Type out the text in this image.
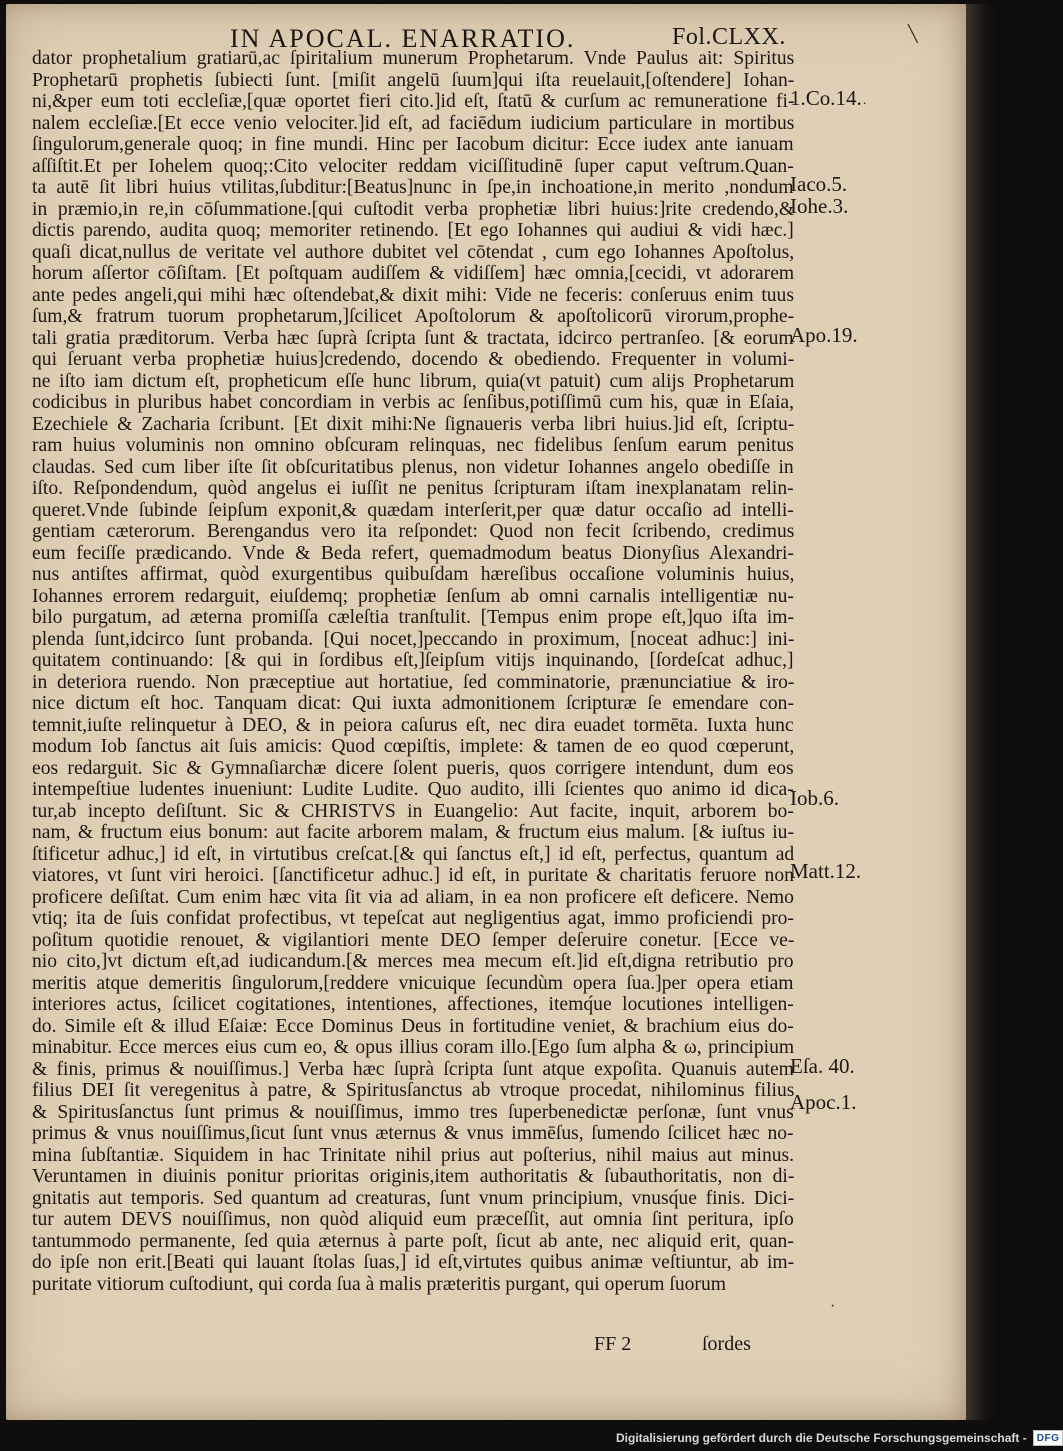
IN APOCAL. ENARRATIO.	Fol.CLXX.
dator prophetalium gratiarū,ac ſpiritalium munerum Prophetarum. Vnde Paulus ait: Spiritus
Prophetarū prophetis ſubiecti ſunt. [miſit angelū ſuum]qui iſta reuelauit,[oſtendere] Iohan-
ni,&per eum toti eccleſiæ,[quæ oportet fieri cito.]id eſt, ſtatū & curſum ac remuneratione fi-
nalem eccleſiæ.[Et ecce venio velociter.]id eſt, ad faciēdum iudicium particulare in mortibus
ſingulorum,generale quoq; in fine mundi. Hinc per Iacobum dicitur: Ecce iudex ante ianuam
aſſiſtit.Et per Iohelem quoq;:Cito velociter reddam viciſſitudinē ſuper caput veſtrum.Quan-
ta autē ſit libri huius vtilitas,ſubditur:[Beatus]nunc in ſpe,in inchoatione,in merito ,nondum
in præmio,in re,in cōſummatione.[qui cuſtodit verba prophetiæ libri huius:]rite credendo,&
dictis parendo, audita quoq; memoriter retinendo. [Et ego Iohannes qui audiui & vidi hæc.]
quaſi dicat,nullus de veritate vel authore dubitet vel cōtendat , cum ego Iohannes Apoſtolus,
horum aſſertor cōſiſtam. [Et poſtquam audiſſem & vidiſſem] hæc omnia,[cecidi, vt adorarem
ante pedes angeli,qui mihi hæc oſtendebat,& dixit mihi: Vide ne feceris: conſeruus enim tuus
ſum,& fratrum tuorum prophetarum,]ſcilicet Apoſtolorum & apoſtolicorū virorum,prophe-
tali gratia præditorum. Verba hæc ſuprà ſcripta ſunt & tractata, idcirco pertranſeo. [& eorum
qui ſeruant verba prophetiæ huius]credendo, docendo & obediendo. Frequenter in volumi-
ne iſto iam dictum eſt, propheticum eſſe hunc librum, quia(vt patuit) cum alijs Prophetarum
codicibus in pluribus habet concordiam in verbis ac ſenſibus,potiſſimū cum his, quæ in Eſaia,
Ezechiele & Zacharia ſcribunt. [Et dixit mihi:Ne ſignaueris verba libri huius.]id eſt, ſcriptu-
ram huius voluminis non omnino obſcuram relinquas, nec fidelibus ſenſum earum penitus
claudas. Sed cum liber iſte ſit obſcuritatibus plenus, non videtur Iohannes angelo obediſſe in
iſto. Reſpondendum, quòd angelus ei iuſſit ne penitus ſcripturam iſtam inexplanatam relin-
queret.Vnde ſubinde ſeipſum exponit,& quædam interſerit,per quæ datur occaſio ad intelli-
gentiam cæterorum. Berengandus vero ita reſpondet: Quod non fecit ſcribendo, credimus
eum feciſſe prædicando. Vnde & Beda refert, quemadmodum beatus Dionyſius Alexandri-
nus antiſtes affirmat, quòd exurgentibus quibuſdam hæreſibus occaſione voluminis huius,
Iohannes errorem redarguit, eiuſdemq; prophetiæ ſenſum ab omni carnalis intelligentiæ nu-
bilo purgatum, ad æterna promiſſa cæleſtia tranſtulit. [Tempus enim prope eſt,]quo iſta im-
plenda ſunt,idcirco ſunt probanda. [Qui nocet,]peccando in proximum, [noceat adhuc:] ini-
quitatem continuando: [& qui in ſordibus eſt,]ſeipſum vitijs inquinando, [ſordeſcat adhuc,]
in deteriora ruendo. Non præceptiue aut hortatiue, ſed comminatorie, prænunciatiue & iro-
nice dictum eſt hoc. Tanquam dicat: Qui iuxta admonitionem ſcripturæ ſe emendare con-
temnit,iuſte relinquetur à DEO, & in peiora caſurus eſt, nec dira euadet tormēta. Iuxta hunc
modum Iob ſanctus ait ſuis amicis: Quod cœpiſtis, implete: & tamen de eo quod cœperunt,
eos redarguit. Sic & Gymnaſiarchæ dicere ſolent pueris, quos corrigere intendunt, dum eos
intempeſtiue ludentes inueniunt: Ludite Ludite. Quo audito, illi ſcientes quo animo id dica-
tur,ab incepto deſiſtunt. Sic & CHRISTVS in Euangelio: Aut facite, inquit, arborem bo-
nam, & fructum eius bonum: aut facite arborem malam, & fructum eius malum. [& iuſtus iu-
ſtificetur adhuc,] id eſt, in virtutibus creſcat.[& qui ſanctus eſt,] id eſt, perfectus, quantum ad
viatores, vt ſunt viri heroici. [ſanctificetur adhuc.] id eſt, in puritate & charitatis feruore non
proficere deſiſtat. Cum enim hæc vita ſit via ad aliam, in ea non proficere eſt deficere. Nemo
vtiq; ita de ſuis confidat profectibus, vt tepeſcat aut negligentius agat, immo proficiendi pro-
poſitum quotidie renouet, & vigilantiori mente DEO ſemper deſeruire conetur. [Ecce ve-
nio cito,]vt dictum eſt,ad iudicandum.[& merces mea mecum eſt.]id eſt,digna retributio pro
meritis atque demeritis ſingulorum,[reddere vnicuique ſecundùm opera ſua.]per opera etiam
interiores actus, ſcilicet cogitationes, intentiones, affectiones, itemq́ue locutiones intelligen-
do. Simile eſt & illud Eſaiæ: Ecce Dominus Deus in fortitudine veniet, & brachium eius do-
minabitur. Ecce merces eius cum eo, & opus illius coram illo.[Ego ſum alpha & ω, principium
& finis, primus & nouiſſimus.] Verba hæc ſuprà ſcripta ſunt atque expoſita. Quanuis autem
filius DEI ſit veregenitus à patre, & Spiritusſanctus ab vtroque procedat, nihilominus filius
& Spiritusſanctus ſunt primus & nouiſſimus, immo tres ſuperbenedictæ perſonæ, ſunt vnus
primus & vnus nouiſſimus,ſicut ſunt vnus æternus & vnus immēſus, ſumendo ſcilicet hæc no-
mina ſubſtantiæ. Siquidem in hac Trinitate nihil prius aut poſterius, nihil maius aut minus.
Veruntamen in diuinis ponitur prioritas originis,item authoritatis & ſubauthoritatis, non di-
gnitatis aut temporis. Sed quantum ad creaturas, ſunt vnum principium, vnusq́ue finis. Dici-
tur autem DEVS nouiſſimus, non quòd aliquid eum præceſſit, aut omnia ſint peritura, ipſo
tantummodo permanente, ſed quia æternus à parte poſt, ſicut ab ante, nec aliquid erit, quan-
do ipſe non erit.[Beati qui lauant ſtolas ſuas,] id eſt,virtutes quibus animæ veſtiuntur, ab im-
puritate vitiorum cuſtodiunt, qui corda ſua à malis præteritis purgant, qui operum ſuorum
1.Co.14.
Iaco.5.
Iohe.3.
Apo.19.
Iob.6.
Matt.12.
Eſa. 40.
Apoc.1.
˙
·
╲
FF 2	ſordes
Digitalisierung gefördert durch die Deutsche Forschungsgemeinschaft -	DFG
